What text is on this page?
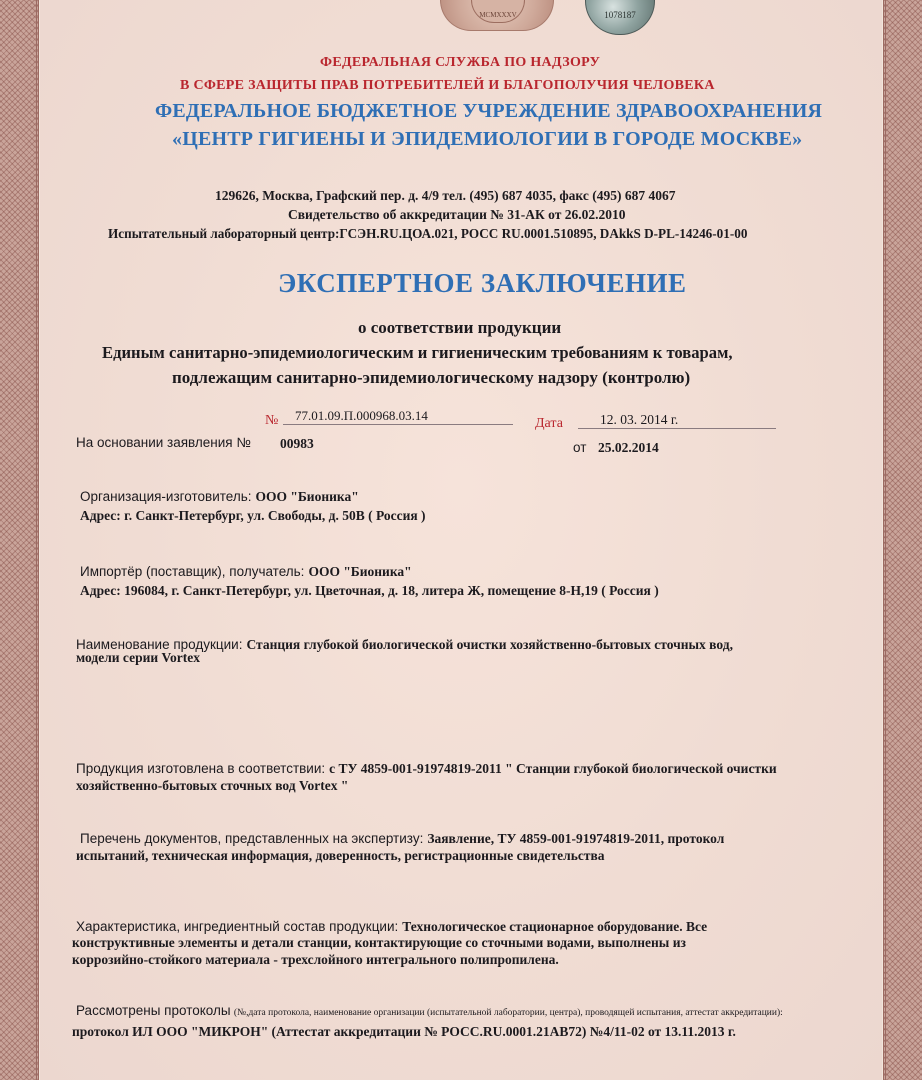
MCMXXXV	1078187
ФЕДЕРАЛЬНАЯ СЛУЖБА ПО НАДЗОРУ
В СФЕРЕ ЗАЩИТЫ ПРАВ ПОТРЕБИТЕЛЕЙ И БЛАГОПОЛУЧИЯ ЧЕЛОВЕКА
ФЕДЕРАЛЬНОЕ БЮДЖЕТНОЕ УЧРЕЖДЕНИЕ ЗДРАВООХРАНЕНИЯ
«ЦЕНТР ГИГИЕНЫ И ЭПИДЕМИОЛОГИИ В ГОРОДЕ МОСКВЕ»
129626, Москва, Графский пер. д. 4/9 тел. (495) 687 4035, факс (495) 687 4067
Свидетельство об аккредитации № 31-АК от 26.02.2010
Испытательный лабораторный центр:ГСЭН.RU.ЦОА.021, РОСС RU.0001.510895, DAkkS D-PL-14246-01-00
ЭКСПЕРТНОЕ ЗАКЛЮЧЕНИЕ
о соответствии продукции
Единым санитарно-эпидемиологическим и гигиеническим требованиям к товарам,
подлежащим санитарно-эпидемиологическому надзору (контролю)
№	77.01.09.П.000968.03.14
Дата	12. 03. 2014 г.
На основании заявления № 00983	от 25.02.2014
Организация-изготовитель: ООО "Бионика"
Адрес: г. Санкт-Петербург, ул. Свободы, д. 50В ( Россия )
Импортёр (поставщик), получатель: ООО "Бионика"
Адрес: 196084, г. Санкт-Петербург, ул. Цветочная, д. 18, литера Ж, помещение 8-Н,19 ( Россия )
Наименование продукции: Станция глубокой биологической очистки хозяйственно-бытовых сточных вод,
модели серии Vortex
Продукция изготовлена в соответствии: с ТУ 4859-001-91974819-2011 " Станции глубокой биологической очистки
хозяйственно-бытовых сточных вод Vortex "
Перечень документов, представленных на экспертизу: Заявление, ТУ 4859-001-91974819-2011, протокол
испытаний, техническая информация, доверенность, регистрационные свидетельства
Характеристика, ингредиентный состав продукции: Технологическое стационарное оборудование. Все
конструктивные элементы и детали станции, контактирующие со сточными водами, выполнены из
коррозийно-стойкого материала - трехслойного интегрального полипропилена.
Рассмотрены протоколы (№,дата протокола, наименование организации (испытательной лаборатории, центра), проводящей испытания, аттестат аккредитации):
протокол ИЛ ООО "МИКРОН" (Аттестат аккредитации № РОСС.RU.0001.21АВ72) №4/11-02 от 13.11.2013 г.
